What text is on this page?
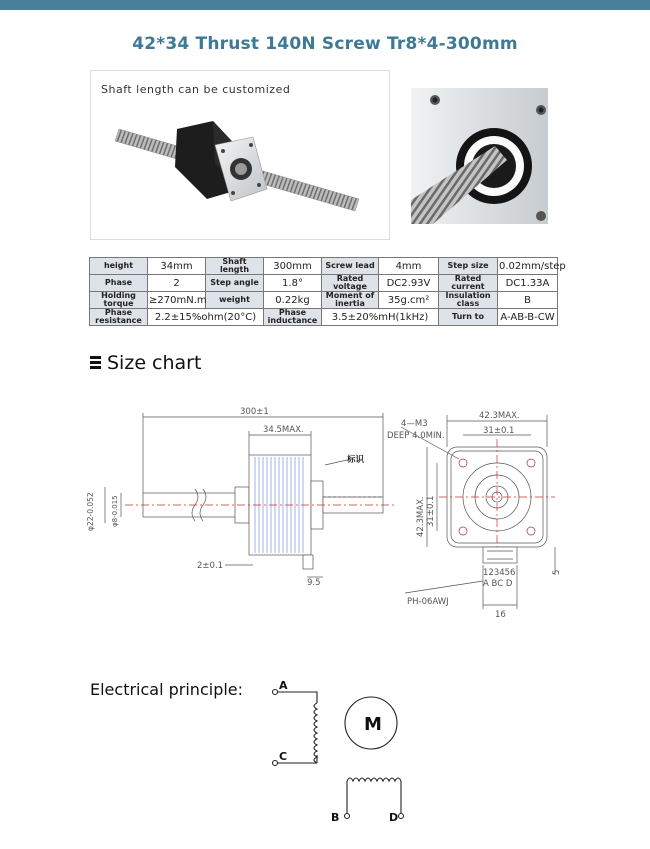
42*34 Thrust 140N Screw Tr8*4-300mm
Shaft length can be customized
height	34mm	Shaft length	300mm	Screw lead	4mm	Step size	0.02mm/step
Phase	2	Step angle	1.8°	Rated voltage	DC2.93V	Rated current	DC1.33A
Holding torque	≥270mN.m	weight	0.22kg	Moment of inertia	35g.cm²	Insulation class	B
Phase resistance	2.2±15%ohm(20°C)		Phase inductance	3.5±20%mH(1kHz)		Turn to	A-AB-B-CW
Size chart
300±1
34.5MAX.
标识
2±0.1
9.5
φ22-0.052 φ8-0.015
4—M3
DEEP 4.0MIN.
42.3MAX.
31±0.1
42.3MAX. 31±0.1
123456
A BC D
PH-06AWJ
16
5
Electrical principle:	A
C
B	D
M
